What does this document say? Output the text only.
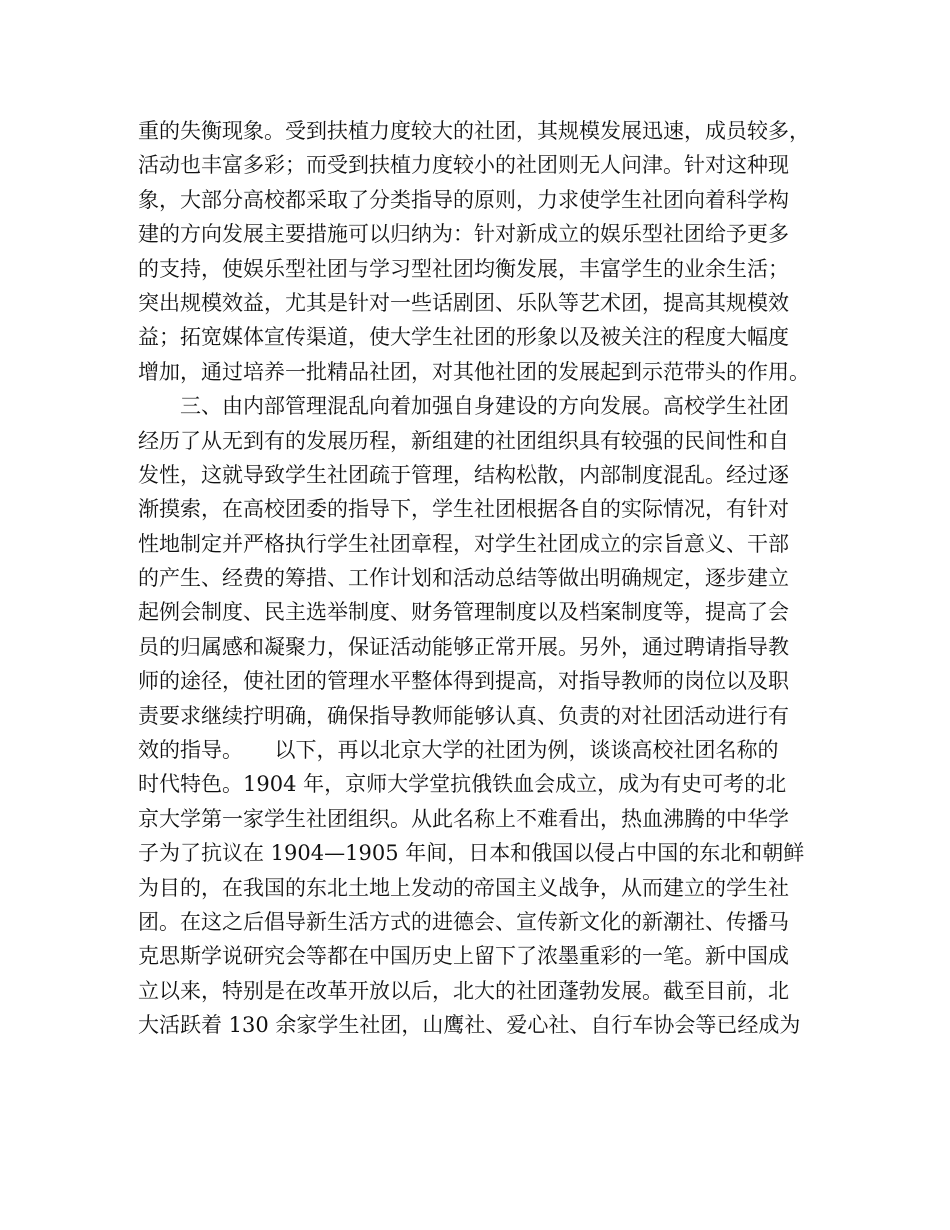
重的失衡现象。受到扶植力度较大的社团，其规模发展迅速，成员较多，
活动也丰富多彩；而受到扶植力度较小的社团则无人问津。针对这种现
象，大部分高校都采取了分类指导的原则，力求使学生社团向着科学构
建的方向发展主要措施可以归纳为：针对新成立的娱乐型社团给予更多
的支持，使娱乐型社团与学习型社团均衡发展，丰富学生的业余生活；
突出规模效益，尤其是针对一些话剧团、乐队等艺术团，提高其规模效
益；拓宽媒体宣传渠道，使大学生社团的形象以及被关注的程度大幅度
增加，通过培养一批精品社团，对其他社团的发展起到示范带头的作用。
　　三、由内部管理混乱向着加强自身建设的方向发展。高校学生社团
经历了从无到有的发展历程，新组建的社团组织具有较强的民间性和自
发性，这就导致学生社团疏于管理，结构松散，内部制度混乱。经过逐
渐摸索，在高校团委的指导下，学生社团根据各自的实际情况，有针对
性地制定并严格执行学生社团章程，对学生社团成立的宗旨意义、干部
的产生、经费的筹措、工作计划和活动总结等做出明确规定，逐步建立
起例会制度、民主选举制度、财务管理制度以及档案制度等，提高了会
员的归属感和凝聚力，保证活动能够正常开展。另外，通过聘请指导教
师的途径，使社团的管理水平整体得到提高，对指导教师的岗位以及职
责要求继续拧明确，确保指导教师能够认真、负责的对社团活动进行有
效的指导。　　以下，再以北京大学的社团为例，谈谈高校社团名称的
时代特色。1904 年，京师大学堂抗俄铁血会成立，成为有史可考的北
京大学第一家学生社团组织。从此名称上不难看出，热血沸腾的中华学
子为了抗议在 1904—1905 年间，日本和俄国以侵占中国的东北和朝鲜
为目的，在我国的东北土地上发动的帝国主义战争，从而建立的学生社
团。在这之后倡导新生活方式的进德会、宣传新文化的新潮社、传播马
克思斯学说研究会等都在中国历史上留下了浓墨重彩的一笔。新中国成
立以来，特别是在改革开放以后，北大的社团蓬勃发展。截至目前，北
大活跃着 130 余家学生社团，山鹰社、爱心社、自行车协会等已经成为
